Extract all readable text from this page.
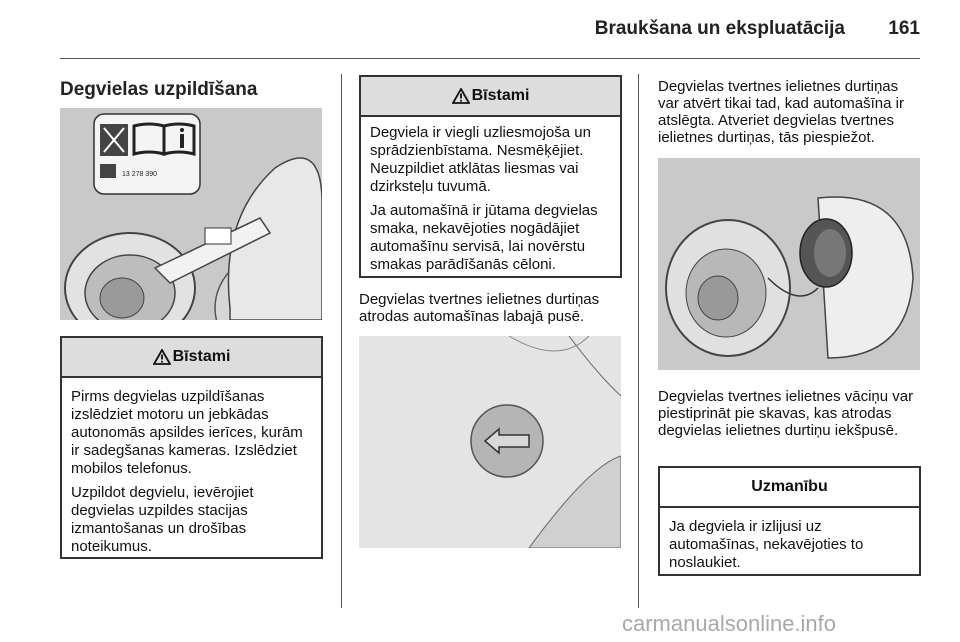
Braukšana un ekspluatācija	161
Degvielas uzpildīšana
13 278 390
Bīstami

Pirms degvielas uzpildīšanas izslēdziet motoru un jebkādas autonomās apsildes ierīces, kurām ir sadegšanas kameras. Izslēdziet mobilos telefonus.

Uzpildot degvielu, ievērojiet degvielas uzpildes stacijas izmantošanas un drošības noteikumus.

Bīstami

Degviela ir viegli uzliesmojoša un sprādzienbīstama. Nesmēķējiet. Neuzpildiet atklātas liesmas vai dzirksteļu tuvumā.

Ja automašīnā ir jūtama degvielas smaka, nekavējoties nogādājiet automašīnu servisā, lai novērstu smakas parādīšanās cēloni.

Degvielas tvertnes ielietnes durtiņas atrodas automašīnas labajā pusē.

Degvielas tvertnes ielietnes durtiņas var atvērt tikai tad, kad automašīna ir atslēgta. Atveriet degvielas tvertnes ielietnes durtiņas, tās piespiežot.

Degvielas tvertnes ielietnes vāciņu var piestiprināt pie skavas, kas atrodas degvielas ielietnes durtiņu iekšpusē.

Uzmanību

Ja degviela ir izlijusi uz automašīnas, nekavējoties to noslaukiet.

carmanualsonline.info
